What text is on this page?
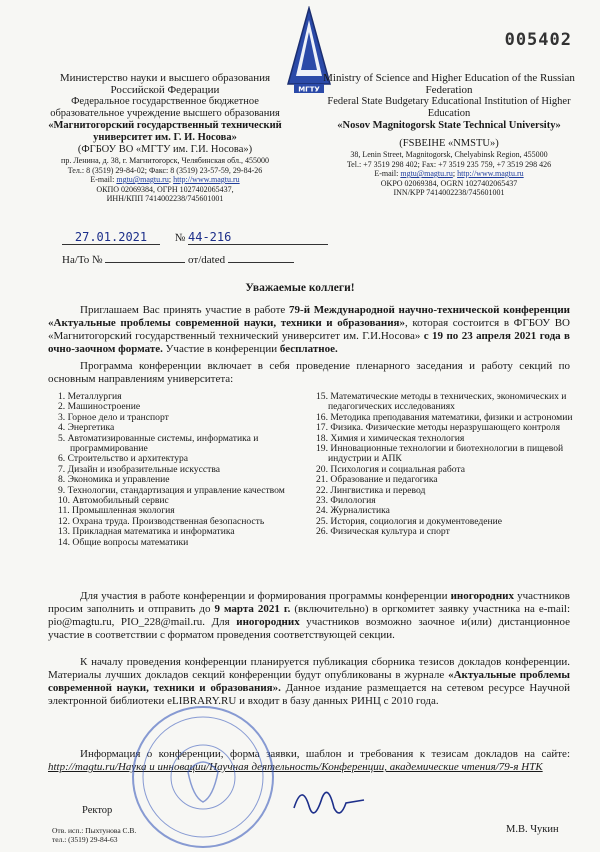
005402
МГТУ
Министерство науки и высшего образования Российской Федерации
Федеральное государственное бюджетное образовательное учреждение высшего образования
«Магнитогорский государственный технический университет им. Г. И. Носова»
(ФГБОУ ВО «МГТУ им. Г.И. Носова»)
пр. Ленина, д. 38, г. Магнитогорск, Челябинская обл., 455000
Тел.: 8 (3519) 29-84-02; Факс: 8 (3519) 23-57-59, 29-84-26
E-mail: mgtu@magtu.ru; http://www.magtu.ru
ОКПО 02069384, ОГРН 1027402065437,
ИНН/КПП 7414002238/745601001
Ministry of Science and Higher Education of the Russian Federation
Federal State Budgetary Educational Institution of Higher Education
«Nosov Magnitogorsk State Technical University»
(FSBEIHE «NMSTU»)
38, Lenin Street, Magnitogorsk, Chelyabinsk Region, 455000
Tel.: +7 3519 298 402; Fax: +7 3519 235 759, +7 3519 298 426
E-mail: mgtu@magtu.ru; http://www.magtu.ru
OKPO 02069384, OGRN 1027402065437
INN/KPP 7414002238/745601001
27.01.2021	№ 44-216
На/То №	от/dated
Уважаемые коллеги!
Приглашаем Вас принять участие в работе 79-й Международной научно-технической конференции «Актуальные проблемы современной науки, техники и образования», которая состоится в ФГБОУ ВО «Магнитогорский государственный технический университет им. Г.И.Носова» с 19 по 23 апреля 2021 года в очно-заочном формате. Участие в конференции бесплатное.
Программа конференции включает в себя проведение пленарного заседания и работу секций по основным направлениям университета:
1. Металлургия
2. Машиностроение
3. Горное дело и транспорт
4. Энергетика
5. Автоматизированные системы, информатика и программирование
6. Строительство и архитектура
7. Дизайн и изобразительные искусства
8. Экономика и управление
9. Технологии, стандартизация и управление качеством
10. Автомобильный сервис
11. Промышленная экология
12. Охрана труда. Производственная безопасность
13. Прикладная математика и информатика
14. Общие вопросы математики
15. Математические методы в технических, экономических и педагогических исследованиях
16. Методика преподавания математики, физики и астрономии
17. Физика. Физические методы неразрушающего контроля
18. Химия и химическая технология
19. Инновационные технологии и биотехнологии в пищевой индустрии и АПК
20. Психология и социальная работа
21. Образование и педагогика
22. Лингвистика и перевод
23. Филология
24. Журналистика
25. История, социология и документоведение
26. Физическая культура и спорт
Для участия в работе конференции и формирования программы конференции иногородних участников просим заполнить и отправить до 9 марта 2021 г. (включительно) в оргкомитет заявку участника на e-mail: pio@magtu.ru, PIO_228@mail.ru. Для иногородних участников возможно заочное и(или) дистанционное участие в соответствии с форматом проведения соответствующей секции.
К началу проведения конференции планируется публикация сборника тезисов докладов конференции. Материалы лучших докладов секций конференции будут опубликованы в журнале «Актуальные проблемы современной науки, техники и образования». Данное издание размещается на сетевом ресурсе Научной электронной библиотеки eLIBRARY.RU и входит в базу данных РИНЦ с 2010 года.
Информация о конференции, форма заявки, шаблон и требования к тезисам докладов на сайте: http://magtu.ru/Наука и инновации/Научная деятельность/Конференции, академические чтения/79-я НТК
Ректор
М.В. Чукин
Отв. исп.: Пыхтунова С.В.
тел.: (3519) 29-84-63
